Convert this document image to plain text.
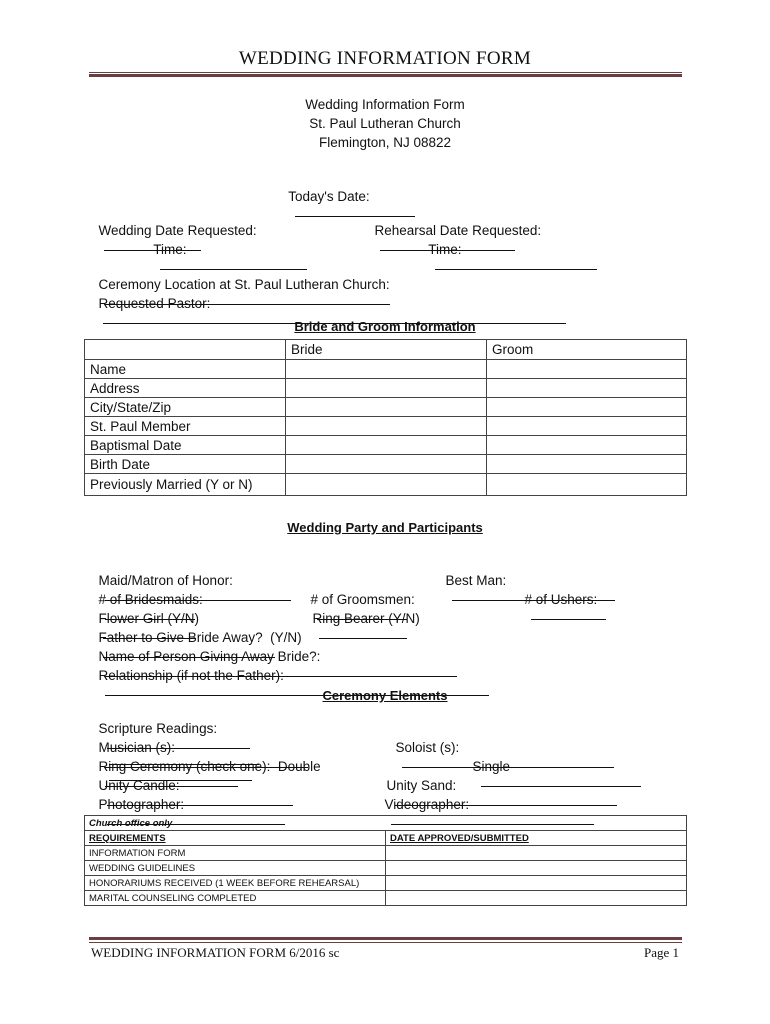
WEDDING INFORMATION FORM
Wedding Information Form
St. Paul Lutheran Church
Flemington, NJ 08822

Today's Date:

Wedding Date Requested:
	Rehearsal Date Requested:

Time:
	Time:

Ceremony Location at St. Paul Lutheran Church:

Requested Pastor:

Bride and Groom Information
	Bride	Groom
Name		
Address		
City/State/Zip		
St. Paul Member		
Baptismal Date		
Birth Date		
Previously Married (Y or N)		
Wedding Party and Participants

Maid/Matron of Honor:
	Best Man:

# of Bridesmaids:
	# of Groomsmen:
	# of Ushers:

Flower Girl (Y/N)
	Ring Bearer (Y/N)

Father to Give Bride Away?  (Y/N)

Name of Person Giving Away Bride?:

Relationship (if not the Father):

Ceremony Elements

Scripture Readings:

Musician (s):
	Soloist (s):

Ring Ceremony (check one):  Double
	Single

Unity Candle:
	Unity Sand:

Photographer:
	Videographer:

Church office only	
REQUIREMENTS	DATE APPROVED/SUBMITTED
INFORMATION FORM	
WEDDING GUIDELINES	
HONORARIUMS RECEIVED (1 WEEK BEFORE REHEARSAL)	
MARITAL COUNSELING COMPLETED	
WEDDING INFORMATION FORM 6/2016 sc	Page 1
